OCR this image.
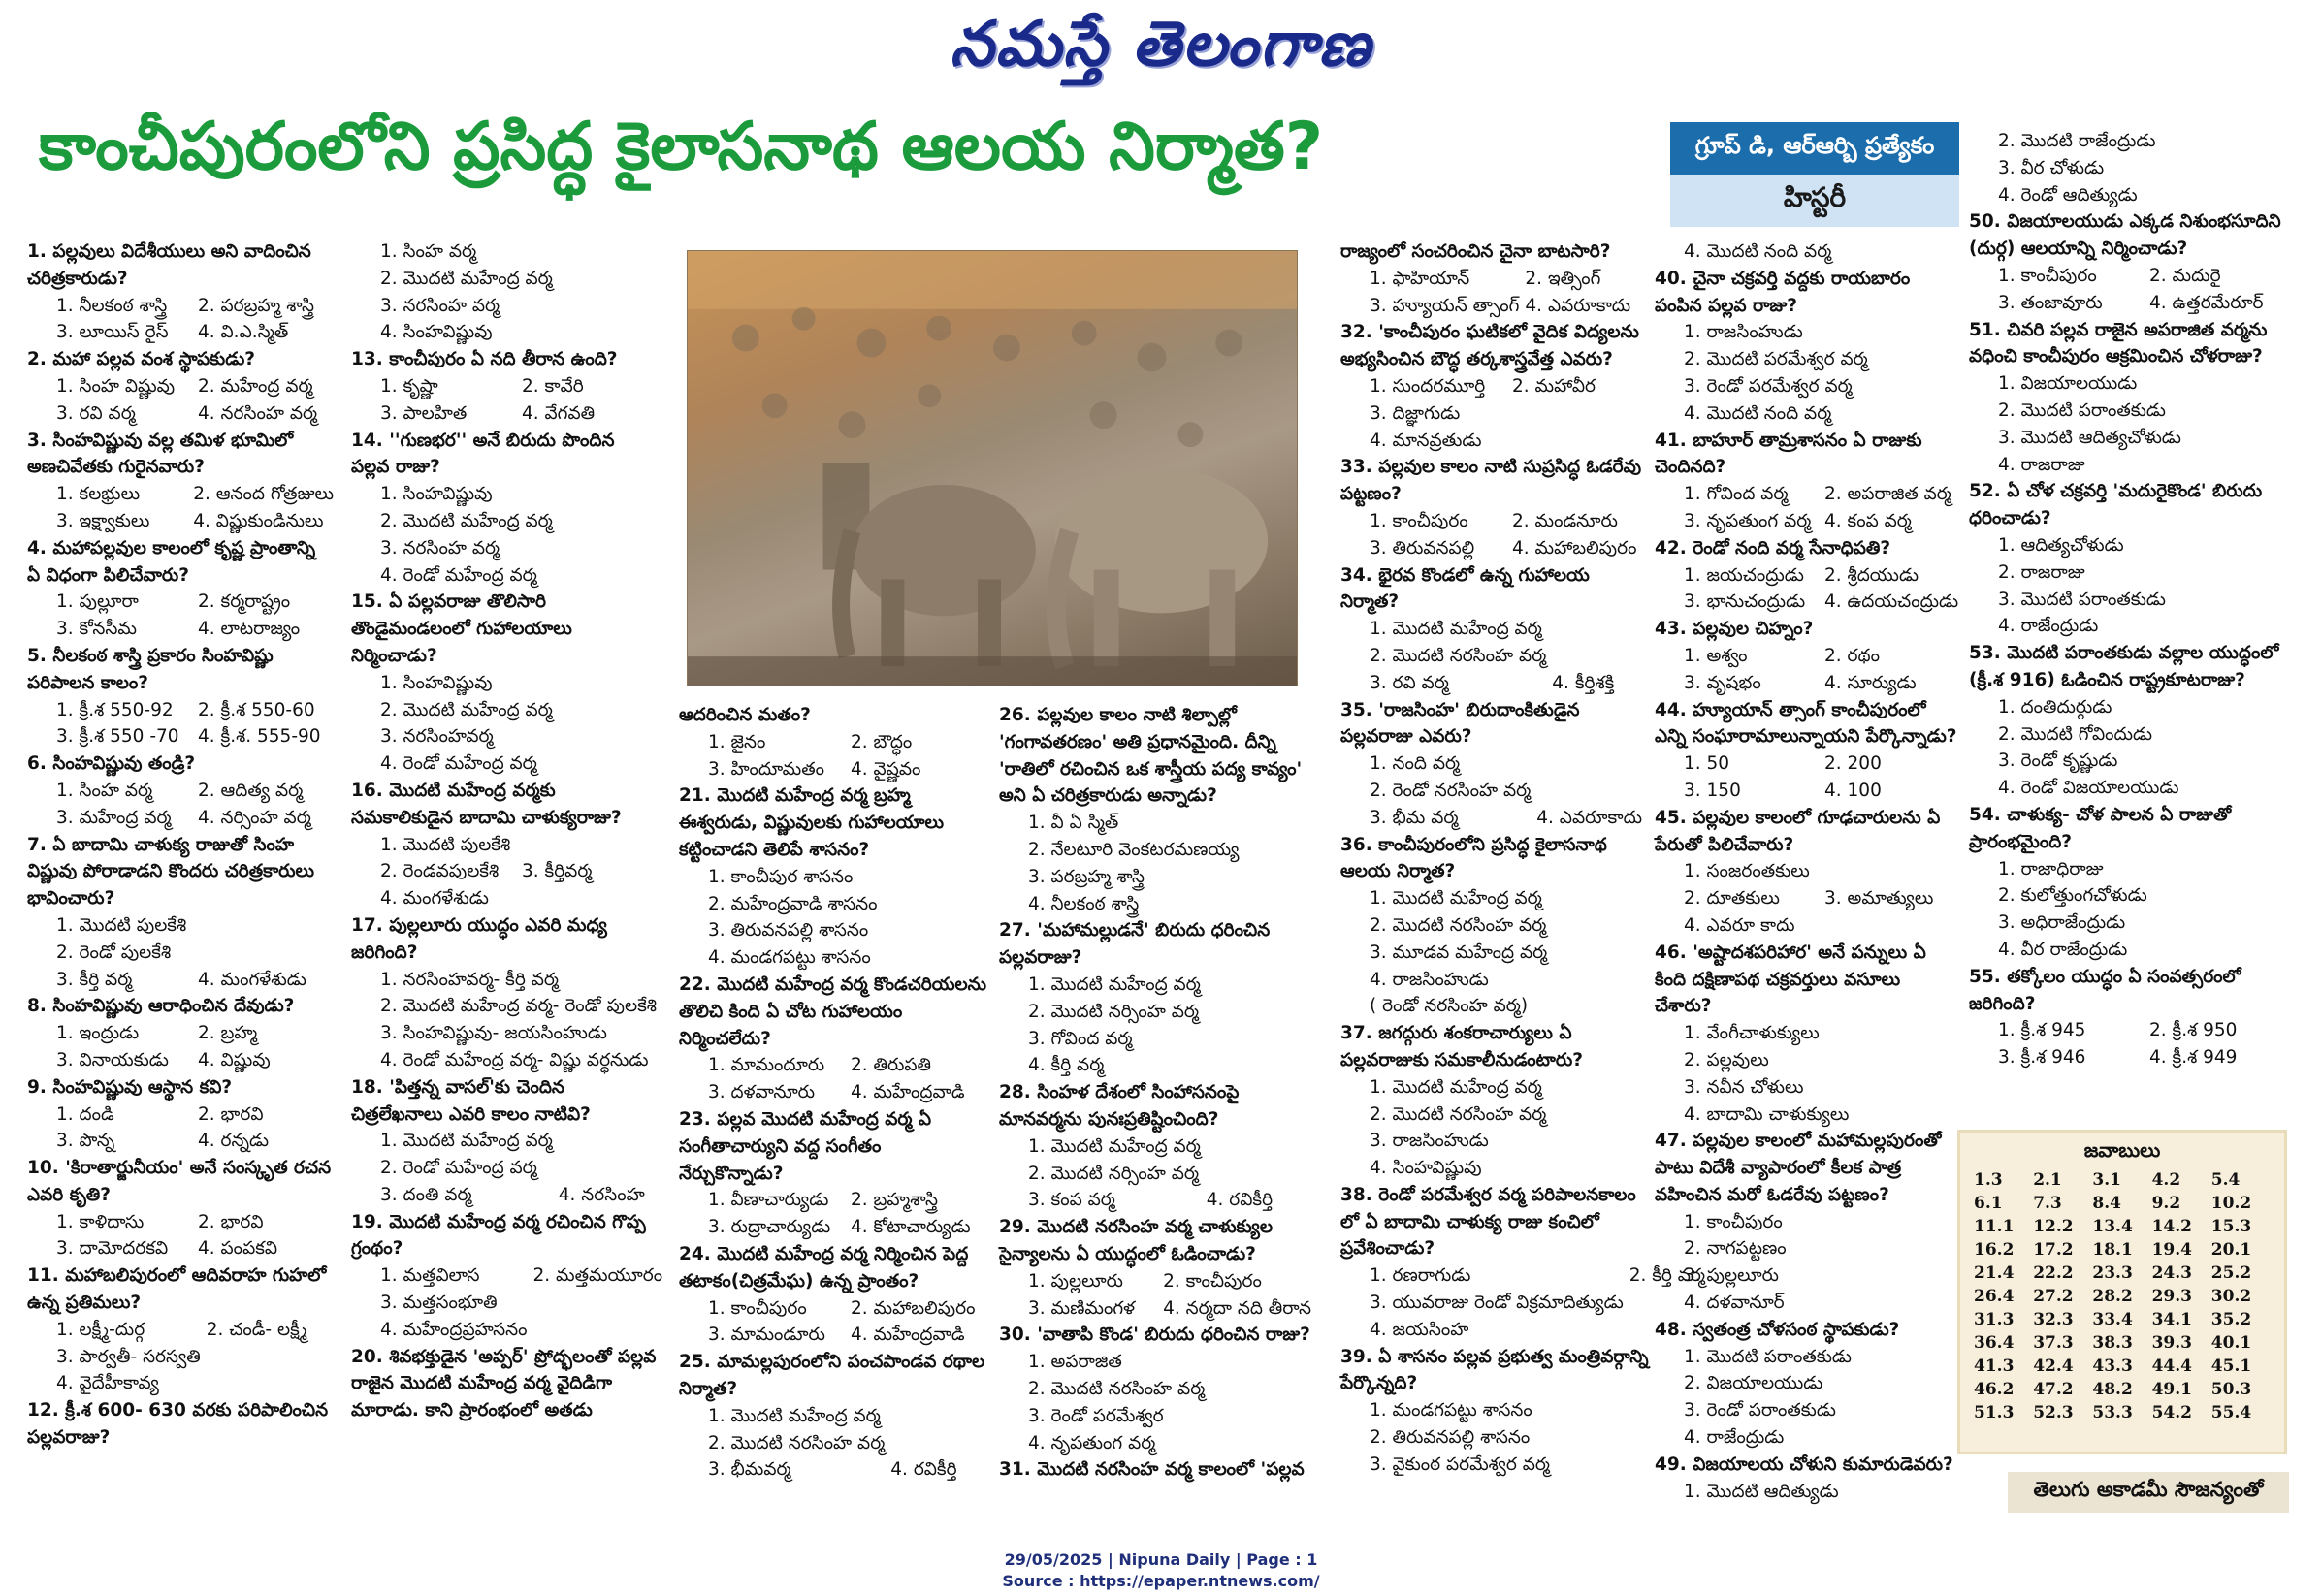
నమస్తే తెలంగాణ
కాంచీపురంలోని ప్రసిద్ధ కైలాసనాథ ఆలయ నిర్మాత?	గ్రూప్ డి, ఆర్ఆర్బి ప్రత్యేకం
హిస్టరీ
1. పల్లవులు విదేశీయులు అని వాదించిన చరిత్రకారుడు?
1. నీలకంఠ శాస్త్రి	2. పరబ్రహ్మ శాస్త్రి
3. లూయిస్ రైస్	4. వి.ఎ.స్మిత్
2. మహా పల్లవ వంశ స్థాపకుడు?
1. సింహ విష్ణువు	2. మహేంద్ర వర్మ
3. రవి వర్మ	4. నరసింహ వర్మ
3. సింహవిష్ణువు వల్ల తమిళ భూమిలో అణచివేతకు గురైనవారు?
1. కలభ్రులు	2. ఆనంద గోత్రజులు
3. ఇక్ష్వాకులు	4. విష్ణుకుండినులు
4. మహాపల్లవుల కాలంలో కృష్ణ ప్రాంతాన్ని ఏ విధంగా పిలిచేవారు?
1. పుల్లూరా	2. కర్మరాష్ట్రం
3. కోనసీమ	4. లాటరాజ్యం
5. నీలకంఠ శాస్త్రి ప్రకారం సింహవిష్ణు పరిపాలన కాలం?
1. క్రీ.శ 550-92	2. క్రీ.శ 550-60
3. క్రీ.శ 550 -70	4. క్రీ.శ. 555-90
6. సింహవిష్ణువు తండ్రి?
1. సింహ వర్మ	2. ఆదిత్య వర్మ
3. మహేంద్ర వర్మ	4. నర్సింహ వర్మ
7. ఏ బాదామి చాళుక్య రాజుతో సింహ విష్ణువు పోరాడాడని కొందరు చరిత్రకారులు భావించారు?
1. మొదటి పులకేశి
2. రెండో పులకేశి
3. కీర్తి వర్మ	4. మంగళేశుడు
8. సింహవిష్ణువు ఆరాధించిన దేవుడు?
1. ఇంద్రుడు	2. బ్రహ్మ
3. వినాయకుడు	4. విష్ణువు
9. సింహవిష్ణువు ఆస్థాన కవి?
1. దండి	2. భారవి
3. పొన్న	4. రన్నడు
10. 'కిరాతార్జునీయం' అనే సంస్కృత రచన ఎవరి కృతి?
1. కాళిదాసు	2. భారవి
3. దామోదరకవి	4. పంపకవి
11. మహాబలిపురంలో ఆదివరాహ గుహలో ఉన్న ప్రతిమలు?
1. లక్ష్మీ-దుర్గ	2. చండీ- లక్ష్మీ
3. పార్వతీ- సరస్వతి
4. వైదేహీకావ్య
12. క్రీ.శ 600- 630 వరకు పరిపాలించిన పల్లవరాజు?
1. సింహ వర్మ
2. మొదటి మహేంద్ర వర్మ
3. నరసింహ వర్మ
4. సింహవిష్ణువు
13. కాంచీపురం ఏ నది తీరాన ఉంది?
1. కృష్ణా	2. కావేరి
3. పాలహిత	4. వేగవతి
14. ''గుణభర'' అనే బిరుదు పొందిన పల్లవ రాజు?
1. సింహవిష్ణువు
2. మొదటి మహేంద్ర వర్మ
3. నరసింహ వర్మ
4. రెండో మహేంద్ర వర్మ
15. ఏ పల్లవరాజు తొలిసారి తొండైమండలంలో గుహాలయాలు నిర్మించాడు?
1. సింహవిష్ణువు
2. మొదటి మహేంద్ర వర్మ
3. నరసింహవర్మ
4. రెండో మహేంద్ర వర్మ
16. మొదటి మహేంద్ర వర్మకు సమకాలికుడైన బాదామి చాళుక్యరాజు?
1. మొదటి పులకేశి
2. రెండవపులకేశి	3. కీర్తివర్మ
4. మంగళేశుడు
17. పుల్లలూరు యుద్ధం ఎవరి మధ్య జరిగింది?
1. నరసింహవర్మ- కీర్తి వర్మ
2. మొదటి మహేంద్ర వర్మ- రెండో పులకేశి
3. సింహవిష్ణువు- జయసింహుడు
4. రెండో మహేంద్ర వర్మ- విష్ణు వర్ధనుడు
18. 'పిత్తన్న వాసల్'కు చెందిన చిత్రలేఖనాలు ఎవరి కాలం నాటివి?
1. మొదటి మహేంద్ర వర్మ
2. రెండో మహేంద్ర వర్మ
3. దంతి వర్మ	4. నరసింహ
19. మొదటి మహేంద్ర వర్మ రచించిన గొప్ప గ్రంథం?
1. మత్తవిలాస	2. మత్తమయూరం
3. మత్తసంభూతి
4. మహేంద్రప్రహసనం
20. శివభక్తుడైన 'అప్పర్' ప్రోద్భలంతో పల్లవ రాజైన మొదటి మహేంద్ర వర్మ వైదిడిగా మారాడు. కాని ప్రారంభంలో అతడు
ఆదరించిన మతం?
1. జైనం	2. బౌద్ధం
3. హిందూమతం	4. వైష్ణవం
21. మొదటి మహేంద్ర వర్మ బ్రహ్మ ఈశ్వరుడు, విష్ణువులకు గుహాలయాలు కట్టించాడని తెలిపే శాసనం?
1. కాంచీపుర శాసనం
2. మహేంద్రవాడి శాసనం
3. తిరువనపల్లి శాసనం
4. మండగపట్టు శాసనం
22. మొదటి మహేంద్ర వర్మ కొండచరియలను తొలిచి కింది ఏ చోట గుహాలయం నిర్మించలేదు?
1. మామందూరు	2. తిరుపతి
3. దళవానూరు	4. మహేంద్రవాడి
23. పల్లవ మొదటి మహేంద్ర వర్మ ఏ సంగీతాచార్యుని వద్ద సంగీతం నేర్చుకొన్నాడు?
1. వీణాచార్యుడు	2. బ్రహ్మశాస్త్రి
3. రుద్రాచార్యుడు	4. కోటాచార్యుడు
24. మొదటి మహేంద్ర వర్మ నిర్మించిన పెద్ద తటాకం(చిత్రమేఘ) ఉన్న ప్రాంతం?
1. కాంచీపురం	2. మహాబలిపురం
3. మామండూరు	4. మహేంద్రవాడి
25. మామల్లపురంలోని పంచపాండవ రథాల నిర్మాత?
1. మొదటి మహేంద్ర వర్మ
2. మొదటి నరసింహ వర్మ
3. భీమవర్మ	4. రవికీర్తి
26. పల్లవుల కాలం నాటి శిల్పాల్లో 'గంగావతరణం' అతి ప్రధానమైంది. దీన్ని 'రాతిలో రచించిన ఒక శాస్త్రీయ పద్య కావ్యం' అని ఏ చరిత్రకారుడు అన్నాడు?
1. వీ ఏ స్మిత్
2. నేలటూరి వెంకటరమణయ్య
3. పరబ్రహ్మ శాస్త్రి
4. నీలకంఠ శాస్త్రి
27. 'మహామల్లుడనే' బిరుదు ధరించిన పల్లవరాజు?
1. మొదటి మహేంద్ర వర్మ
2. మొదటి నర్సింహ వర్మ
3. గోవింద వర్మ
4. కీర్తి వర్మ
28. సింహళ దేశంలో సింహాసనంపై మానవర్మను పునఃప్రతిష్టించింది?
1. మొదటి మహేంద్ర వర్మ
2. మొదటి నర్సింహ వర్మ
3. కంప వర్మ	4. రవికీర్తి
29. మొదటి నరసింహ వర్మ చాళుక్యుల సైన్యాలను ఏ యుద్ధంలో ఓడించాడు?
1. పుల్లలూరు	2. కాంచీపురం
3. మణిమంగళ	4. నర్మదా నది తీరాన
30. 'వాతాపి కొండ' బిరుదు ధరించిన రాజు?
1. అపరాజిత
2. మొదటి నరసింహ వర్మ
3. రెండో పరమేశ్వర
4. నృపతుంగ వర్మ
31. మొదటి నరసింహ వర్మ కాలంలో 'పల్లవ
రాజ్యంలో సంచరించిన చైనా బాటసారి?
1. ఫాహియాన్	2. ఇత్సింగ్
3. హ్యూయన్ త్సాంగ్ 4. ఎవరూకాదు
32. 'కాంచీపురం ఘటికలో వైదిక విద్యలను అభ్యసించిన బౌద్ధ తర్కశాస్త్రవేత్త ఎవరు?
1. సుందరమూర్తి	2. మహావీర
3. దిజ్ఞాగుడు
4. మానవ్రతుడు
33. పల్లవుల కాలం నాటి సుప్రసిద్ధ ఓడరేవు పట్టణం?
1. కాంచీపురం	2. మండనూరు
3. తిరువనపల్లి	4. మహాబలిపురం
34. భైరవ కొండలో ఉన్న గుహాలయ నిర్మాత?
1. మొదటి మహేంద్ర వర్మ
2. మొదటి నరసింహ వర్మ
3. రవి వర్మ	4. కీర్తిశక్తి
35. 'రాజసింహ' బిరుదాంకితుడైన పల్లవరాజు ఎవరు?
1. నంది వర్మ
2. రెండో నరసింహ వర్మ
3. భీమ వర్మ	4. ఎవరూకాదు
36. కాంచీపురంలోని ప్రసిద్ధ కైలాసనాథ ఆలయ నిర్మాత?
1. మొదటి మహేంద్ర వర్మ
2. మొదటి నరసింహ వర్మ
3. మూడవ మహేంద్ర వర్మ
4. రాజసింహుడు
( రెండో నరసింహ వర్మ)
37. జగద్గురు శంకరాచార్యులు ఏ పల్లవరాజుకు సమకాలీనుడంటారు?
1. మొదటి మహేంద్ర వర్మ
2. మొదటి నరసింహ వర్మ
3. రాజసింహుడు
4. సింహవిష్ణువు
38. రెండో పరమేశ్వర వర్మ పరిపాలనకాలం లో ఏ బాదామి చాళుక్య రాజు కంచిలో ప్రవేశించాడు?
1. రణరాగుడు	2. కీర్తి వర్మ
3. యువరాజు రెండో విక్రమాదిత్యుడు
4. జయసింహ
39. ఏ శాసనం పల్లవ ప్రభుత్వ మంత్రివర్గాన్ని పేర్కొన్నది?
1. మండగపట్టు శాసనం
2. తిరువనపల్లి శాసనం
3. వైకుంఠ పరమేశ్వర వర్మ
4. మొదటి నంది వర్మ
40. చైనా చక్రవర్తి వద్దకు రాయబారం పంపిన పల్లవ రాజు?
1. రాజసింహుడు
2. మొదటి పరమేశ్వర వర్మ
3. రెండో పరమేశ్వర వర్మ
4. మొదటి నంది వర్మ
41. బాహూర్ తామ్రశాసనం ఏ రాజుకు చెందినది?
1. గోవింద వర్మ	2. అపరాజిత వర్మ
3. నృపతుంగ వర్మ 4. కంప వర్మ
42. రెండో నంది వర్మ సేనాధిపతి?
1. జయచంద్రుడు	2. శ్రీదయుడు
3. భానుచంద్రుడు	4. ఉదయచంద్రుడు
43. పల్లవుల చిహ్నం?
1. అశ్వం	2. రథం
3. వృషభం	4. సూర్యుడు
44. హ్యూయాన్ త్సాంగ్ కాంచీపురంలో ఎన్ని సంఘారామాలున్నాయని పేర్కొన్నాడు?
1. 50	2. 200
3. 150	4. 100
45. పల్లవుల కాలంలో గూఢచారులను ఏ పేరుతో పిలిచేవారు?
1. సంజరంతకులు
2. దూతకులు	3. అమాత్యులు
4. ఎవరూ కాదు
46. 'అష్టాదశపరిహార' అనే పన్నులు ఏ కింది దక్షిణాపథ చక్రవర్తులు వసూలు చేశారు?
1. వేంగీచాళుక్యులు
2. పల్లవులు
3. నవీన చోళులు
4. బాదామి చాళుక్యులు
47. పల్లవుల కాలంలో మహామల్లపురంతో పాటు విదేశీ వ్యాపారంలో కీలక పాత్ర వహించిన మరో ఓడరేవు పట్టణం?
1. కాంచీపురం
2. నాగపట్టణం
3. పుల్లలూరు
4. దళవానూర్
48. స్వతంత్ర చోళసంఠ స్థాపకుడు?
1. మొదటి పరాంతకుడు
2. విజయాలయుడు
3. రెండో పరాంతకుడు
4. రాజేంద్రుడు
49. విజయాలయ చోళుని కుమారుడెవరు?
1. మొదటి ఆదిత్యుడు
2. మొదటి రాజేంద్రుడు
3. వీర చోళుడు
4. రెండో ఆదిత్యుడు
50. విజయాలయుడు ఎక్కడ నిశుంభసూదిని (దుర్గ) ఆలయాన్ని నిర్మించాడు?
1. కాంచీపురం	2. మదురై
3. తంజావూరు	4. ఉత్తరమేరూర్
51. చివరి పల్లవ రాజైన అపరాజిత వర్మను వధించి కాంచీపురం ఆక్రమించిన చోళరాజు?
1. విజయాలయుడు
2. మొదటి పరాంతకుడు
3. మొదటి ఆదిత్యచోళుడు
4. రాజరాజు
52. ఏ చోళ చక్రవర్తి 'మదురైకొండ' బిరుదు ధరించాడు?
1. ఆదిత్యచోళుడు
2. రాజరాజు
3. మొదటి పరాంతకుడు
4. రాజేంద్రుడు
53. మొదటి పరాంతకుడు వల్లాల యుద్ధంలో (క్రీ.శ 916) ఓడించిన రాష్ట్రకూటరాజు?
1. దంతిదుర్గుడు
2. మొదటి గోవిందుడు
3. రెండో కృష్ణుడు
4. రెండో విజయాలయుడు
54. చాళుక్య- చోళ పాలన ఏ రాజుతో ప్రారంభమైంది?
1. రాజాధిరాజు
2. కులోత్తుంగచోళుడు
3. అధిరాజేంద్రుడు
4. వీర రాజేంద్రుడు
55. తక్కోలం యుద్ధం ఏ సంవత్సరంలో జరిగింది?
1. క్రీ.శ 945	2. క్రీ.శ 950
3. క్రీ.శ 946	4. క్రీ.శ 949
జవాబులు
1.3	2.1	3.1	4.2	5.4
6.1	7.3	8.4	9.2	10.2
11.1	12.2	13.4	14.2	15.3
16.2	17.2	18.1	19.4	20.1
21.4	22.2	23.3	24.3	25.2
26.4	27.2	28.2	29.3	30.2
31.3	32.3	33.4	34.1	35.2
36.4	37.3	38.3	39.3	40.1
41.3	42.4	43.3	44.4	45.1
46.2	47.2	48.2	49.1	50.3
51.3	52.3	53.3	54.2	55.4
తెలుగు అకాడమీ సౌజన్యంతో
29/05/2025 | Nipuna Daily | Page : 1
Source : https://epaper.ntnews.com/
